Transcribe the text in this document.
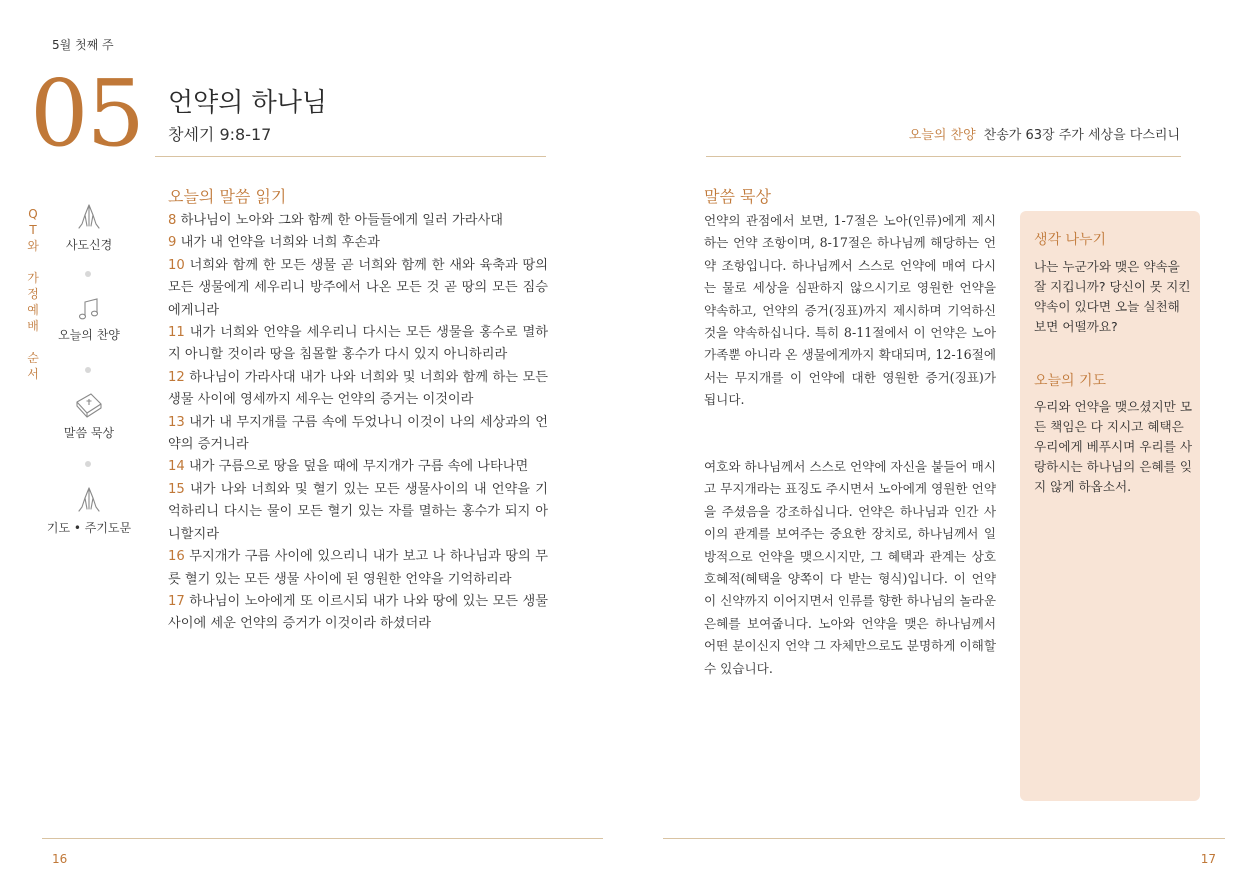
5월 첫째 주
05 언약의 하나님
창세기 9:8-17	오늘의 찬양 찬송가 63장 주가 세상을 다스리니
Q
T
와

가
정
예
배

순
서
사도신경
오늘의 찬양
말씀 묵상
기도 • 주기도문
오늘의 말씀 읽기
8 하나님이 노아와 그와 함께 한 아들들에게 일러 가라사대
9 내가 내 언약을 너희와 너희 후손과
10 너희와 함께 한 모든 생물 곧 너희와 함께 한 새와 육축과 땅의 모든 생물에게 세우리니 방주에서 나온 모든 것 곧 땅의 모든 짐승에게니라
11 내가 너희와 언약을 세우리니 다시는 모든 생물을 홍수로 멸하지 아니할 것이라 땅을 침몰할 홍수가 다시 있지 아니하리라
12 하나님이 가라사대 내가 나와 너희와 및 너희와 함께 하는 모든 생물 사이에 영세까지 세우는 언약의 증거는 이것이라
13 내가 내 무지개를 구름 속에 두었나니 이것이 나의 세상과의 언약의 증거니라
14 내가 구름으로 땅을 덮을 때에 무지개가 구름 속에 나타나면
15 내가 나와 너희와 및 혈기 있는 모든 생물사이의 내 언약을 기억하리니 다시는 물이 모든 혈기 있는 자를 멸하는 홍수가 되지 아니할지라
16 무지개가 구름 사이에 있으리니 내가 보고 나 하나님과 땅의 무릇 혈기 있는 모든 생물 사이에 된 영원한 언약을 기억하리라
17 하나님이 노아에게 또 이르시되 내가 나와 땅에 있는 모든 생물 사이에 세운 언약의 증거가 이것이라 하셨더라
말씀 묵상
언약의 관점에서 보면, 1-7절은 노아(인류)에게 제시하는 언약 조항이며, 8-17절은 하나님께 해당하는 언약 조항입니다. 하나님께서 스스로 언약에 매여 다시는 물로 세상을 심판하지 않으시기로 영원한 언약을 약속하고, 언약의 증거(징표)까지 제시하며 기억하신 것을 약속하십니다. 특히 8-11절에서 이 언약은 노아 가족뿐 아니라 온 생물에게까지 확대되며, 12-16절에서는 무지개를 이 언약에 대한 영원한 증거(징표)가 됩니다.
여호와 하나님께서 스스로 언약에 자신을 붙들어 매시고 무지개라는 표징도 주시면서 노아에게 영원한 언약을 주셨음을 강조하십니다. 언약은 하나님과 인간 사이의 관계를 보여주는 중요한 장치로, 하나님께서 일방적으로 언약을 맺으시지만, 그 혜택과 관계는 상호호혜적(혜택을 양쪽이 다 받는 형식)입니다. 이 언약이 신약까지 이어지면서 인류를 향한 하나님의 놀라운 은혜를 보여줍니다. 노아와 언약을 맺은 하나님께서 어떤 분이신지 언약 그 자체만으로도 분명하게 이해할 수 있습니다.
생각 나누기
나는 누군가와 맺은 약속을 잘 지킵니까? 당신이 못 지킨 약속이 있다면 오늘 실천해 보면 어떨까요?
오늘의 기도
우리와 언약을 맺으셨지만 모든 책임은 다 지시고 혜택은 우리에게 베푸시며 우리를 사랑하시는 하나님의 은혜를 잊지 않게 하옵소서.
16	17
